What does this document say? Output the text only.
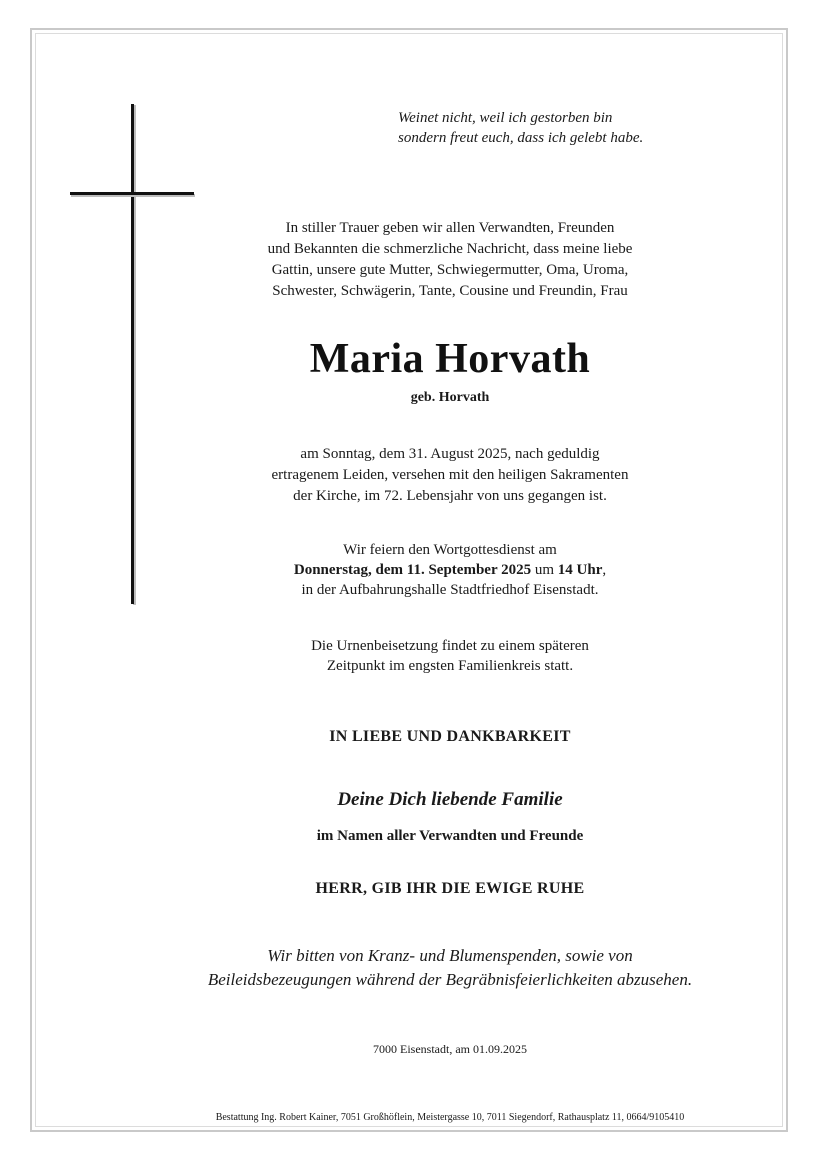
Weinet nicht, weil ich gestorben bin
sondern freut euch, dass ich gelebt habe.
In stiller Trauer geben wir allen Verwandten, Freunden
und Bekannten die schmerzliche Nachricht, dass meine liebe
Gattin, unsere gute Mutter, Schwiegermutter, Oma, Uroma,
Schwester, Schwägerin, Tante, Cousine und Freundin, Frau
Maria Horvath
geb. Horvath
am Sonntag, dem 31. August 2025, nach geduldig
ertragenem Leiden, versehen mit den heiligen Sakramenten
der Kirche, im 72. Lebensjahr von uns gegangen ist.
Wir feiern den Wortgottesdienst am
Donnerstag, dem 11. September 2025 um 14 Uhr,
in der Aufbahrungshalle Stadtfriedhof Eisenstadt.
Die Urnenbeisetzung findet zu einem späteren
Zeitpunkt im engsten Familienkreis statt.
IN LIEBE UND DANKBARKEIT
Deine Dich liebende Familie
im Namen aller Verwandten und Freunde
HERR, GIB IHR DIE EWIGE RUHE
Wir bitten von Kranz- und Blumenspenden, sowie von
Beileidsbezeugungen während der Begräbnisfeierlichkeiten abzusehen.
7000 Eisenstadt, am 01.09.2025
Bestattung Ing. Robert Kainer, 7051 Großhöflein, Meistergasse 10, 7011 Siegendorf, Rathausplatz 11, 0664/9105410
